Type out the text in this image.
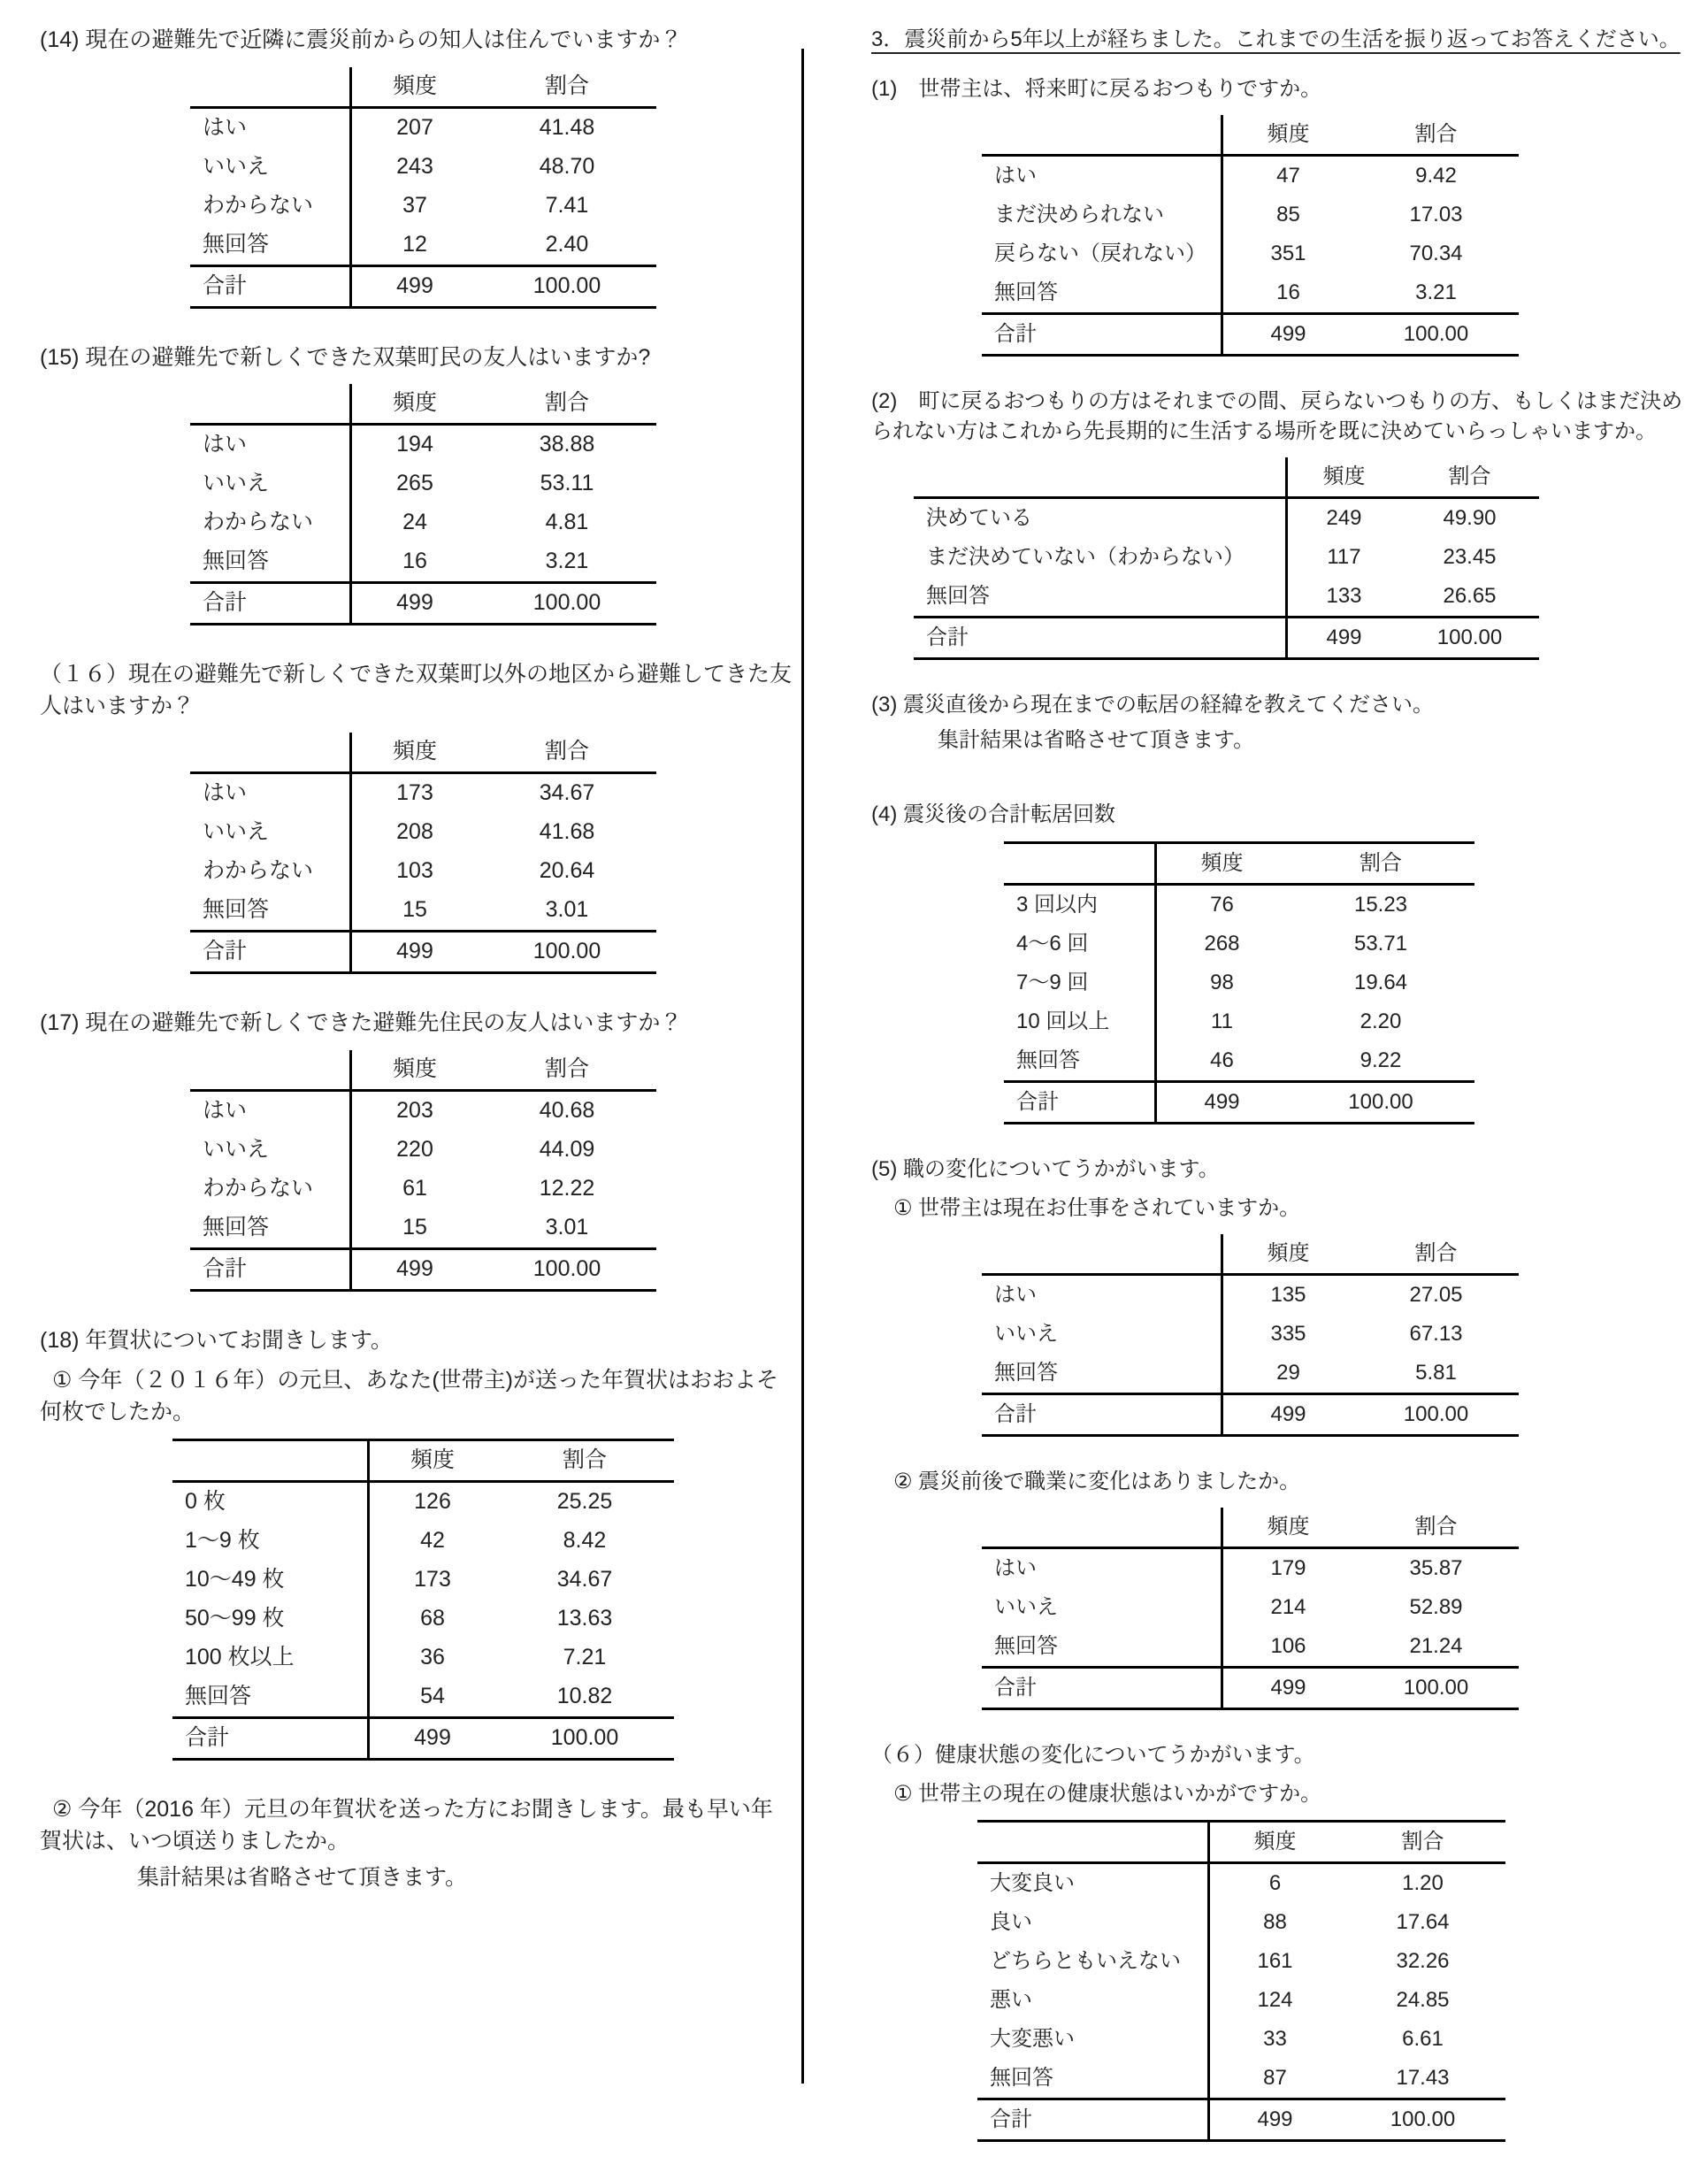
(14) 現在の避難先で近隣に震災前からの知人は住んでいますか？

	頻度	割合
はい	207	41.48
いいえ	243	48.70
わからない	37	7.41
無回答	12	2.40
合計	499	100.00

(15) 現在の避難先で新しくできた双葉町民の友人はいますか?

	頻度	割合
はい	194	38.88
いいえ	265	53.11
わからない	24	4.81
無回答	16	3.21
合計	499	100.00

（１６）現在の避難先で新しくできた双葉町以外の地区から避難してきた友人はいますか？

	頻度	割合
はい	173	34.67
いいえ	208	41.68
わからない	103	20.64
無回答	15	3.01
合計	499	100.00

(17) 現在の避難先で新しくできた避難先住民の友人はいますか？

	頻度	割合
はい	203	40.68
いいえ	220	44.09
わからない	61	12.22
無回答	15	3.01
合計	499	100.00

(18) 年賀状についてお聞きします。

① 今年（２０１６年）の元旦、あなた(世帯主)が送った年賀状はおおよそ何枚でしたか。

	頻度	割合
0 枚	126	25.25
1～9 枚	42	8.42
10～49 枚	173	34.67
50～99 枚	68	13.63
100 枚以上	36	7.21
無回答	54	10.82
合計	499	100.00

② 今年（2016 年）元旦の年賀状を送った方にお聞きします。最も早い年賀状は、いつ頃送りましたか。

集計結果は省略させて頂きます。

3．震災前から5年以上が経ちました。これまでの生活を振り返ってお答えください。

(1)　世帯主は、将来町に戻るおつもりですか。

	頻度	割合
はい	47	9.42
まだ決められない	85	17.03
戻らない（戻れない）	351	70.34
無回答	16	3.21
合計	499	100.00

(2)　町に戻るおつもりの方はそれまでの間、戻らないつもりの方、もしくはまだ決められない方はこれから先長期的に生活する場所を既に決めていらっしゃいますか。

	頻度	割合
決めている	249	49.90
まだ決めていない（わからない）	117	23.45
無回答	133	26.65
合計	499	100.00

(3) 震災直後から現在までの転居の経緯を教えてください。

集計結果は省略させて頂きます。

(4) 震災後の合計転居回数

	頻度	割合
3 回以内	76	15.23
4～6 回	268	53.71
7～9 回	98	19.64
10 回以上	11	2.20
無回答	46	9.22
合計	499	100.00

(5) 職の変化についてうかがいます。

① 世帯主は現在お仕事をされていますか。

	頻度	割合
はい	135	27.05
いいえ	335	67.13
無回答	29	5.81
合計	499	100.00

② 震災前後で職業に変化はありましたか。

	頻度	割合
はい	179	35.87
いいえ	214	52.89
無回答	106	21.24
合計	499	100.00

（６）健康状態の変化についてうかがいます。

① 世帯主の現在の健康状態はいかがですか。

	頻度	割合
大変良い	6	1.20
良い	88	17.64
どちらともいえない	161	32.26
悪い	124	24.85
大変悪い	33	6.61
無回答	87	17.43
合計	499	100.00
